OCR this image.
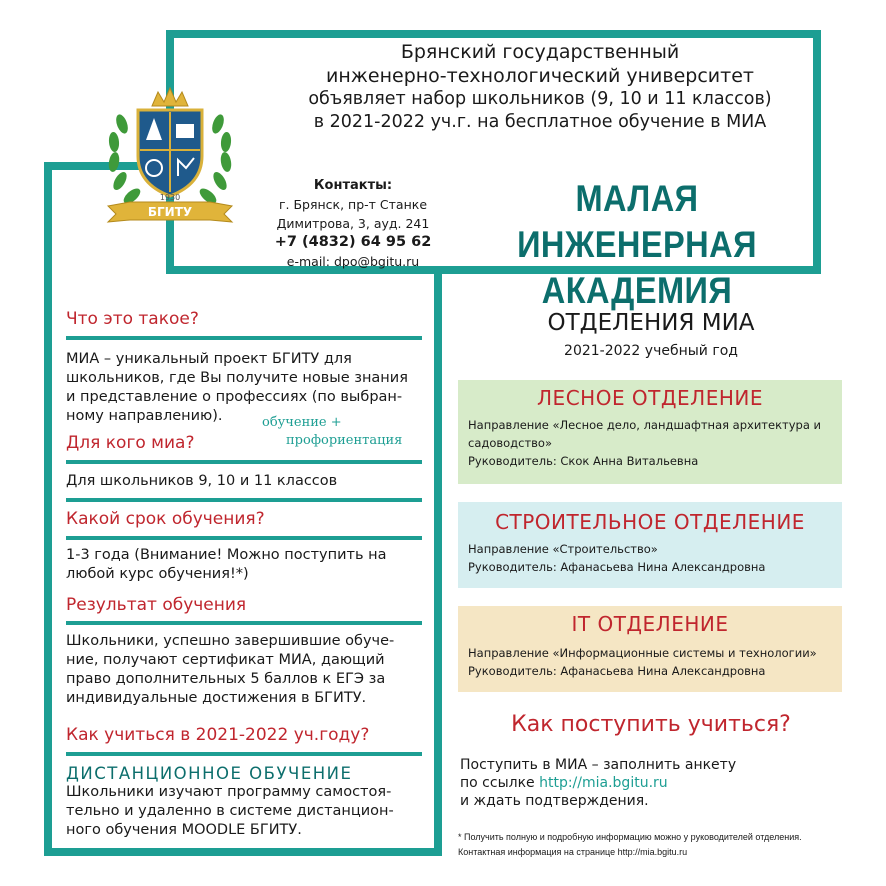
1930
БГИТУ

Брянский государственный

инженерно-технологический университет

объявляет набор школьников (9, 10 и 11 классов)

в 2021-2022 уч.г. на бесплатное обучение в МИА

Контакты:
г. Брянск, пр-т Станке
Димитрова, 3, ауд. 241
+7 (4832) 64 95 62
e-mail: dpo@bgitu.ru
МАЛАЯ ИНЖЕНЕРНАЯ
АКАДЕМИЯ
Что это такое?
МИА – уникальный проект БГИТУ для
школьников, где Вы получите новые знания
и представление о профессиях (по выбран-
ному направлению).	обучение +
профориентация
Для кого миа?
Для школьников 9, 10 и 11 классов
Какой срок обучения?
1-3 года (Внимание! Можно поступить на
любой курс обучения!*)
Результат обучения
Школьники, успешно завершившие обуче-
ние, получают сертификат МИА, дающий
право дополнительных 5 баллов к ЕГЭ за
индивидуальные достижения в БГИТУ.
Как учиться в 2021-2022 уч.году?
ДИСТАНЦИОННОЕ ОБУЧЕНИЕ
Школьники изучают программу самостоя-
тельно и удаленно в системе дистанцион-
ного обучения MOODLE БГИТУ.
ОТДЕЛЕНИЯ МИА
2021-2022 учебный год
ЛЕСНОЕ ОТДЕЛЕНИЕ
Направление «Лесное дело, ландшафтная архитектура и
садоводство»
Руководитель: Скок Анна Витальевна
СТРОИТЕЛЬНОЕ ОТДЕЛЕНИЕ
Направление «Строительство»
Руководитель: Афанасьева Нина Александровна
IT ОТДЕЛЕНИЕ
Направление «Информационные системы и технологии»
Руководитель: Афанасьева Нина Александровна
Как поступить учиться?
Поступить в МИА – заполнить анкету
по ссылке http://mia.bgitu.ru
и ждать подтверждения.
* Получить полную и подробную информацию можно у руководителей отделения.
Контактная информация на странице http://mia.bgitu.ru
